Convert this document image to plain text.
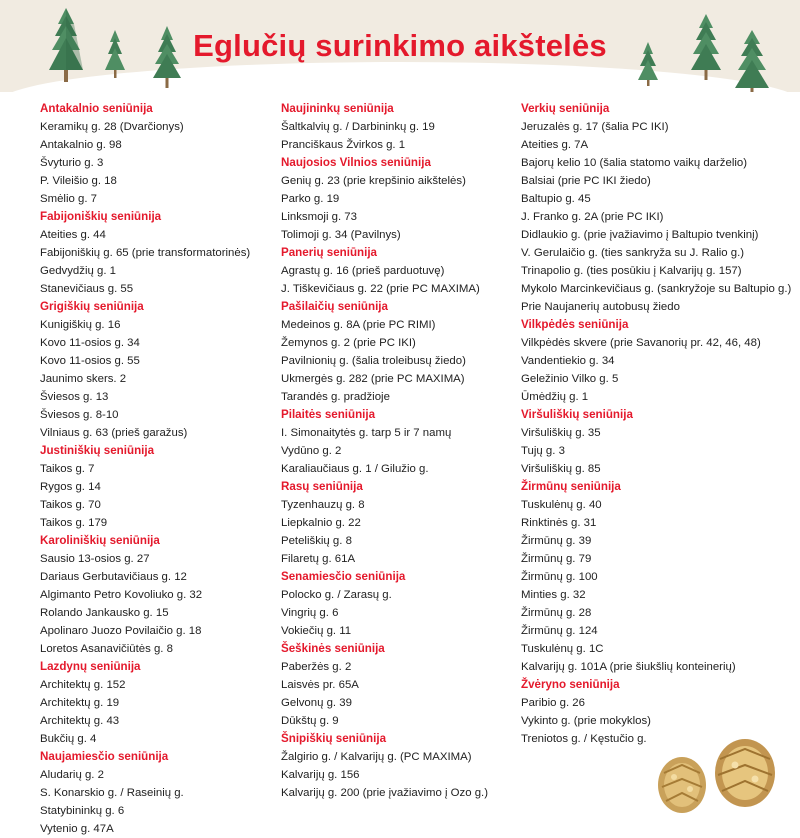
Eglučių surinkimo aikštelės
Antakalnio seniūnija
Keramikų g. 28 (Dvarčionys)
Antakalnio g. 98
Švyturio g. 3
P. Vileišio g. 18
Smėlio g. 7
Fabijoniškių seniūnija
Ateities g. 44
Fabijoniškių g. 65 (prie transformatorinės)
Gedvydžių g. 1
Stanevičiaus g. 55
Grigiškių seniūnija
Kunigiškių g. 16
Kovo 11-osios g. 34
Kovo 11-osios g. 55
Jaunimo skers. 2
Šviesos g. 13
Šviesos g. 8-10
Vilniaus g. 63 (prieš garažus)
Justiniškių seniūnija
Taikos g. 7
Rygos g. 14
Taikos g. 70
Taikos g. 179
Karoliniškių seniūnija
Sausio 13-osios g. 27
Dariaus Gerbutavičiaus g. 12
Algimanto Petro Kovoliuko g. 32
Rolando Jankausko g. 15
Apolinaro Juozo Povilaičio g. 18
Loretos Asanavičiūtės g. 8
Lazdynų seniūnija
Architektų g. 152
Architektų g. 19
Architektų g. 43
Bukčių g. 4
Naujamiesčio seniūnija
Aludarių g. 2
S. Konarskio g. / Raseinių g.
Statybininkų g. 6
Vytenio g. 47A
Naujininkų seniūnija
Šaltkalvių g. / Darbininkų g. 19
Pranciškaus Žvirkos g. 1
Naujosios Vilnios seniūnija
Genių g. 23 (prie krepšinio aikštelės)
Parko g. 19
Linksmoji g. 73
Tolimoji g. 34 (Pavilnys)
Panerių seniūnija
Agrastų g. 16 (prieš parduotuvę)
J. Tiškevičiaus g. 22 (prie PC MAXIMA)
Pašilaičių seniūnija
Medeinos g. 8A (prie PC RIMI)
Žemynos g. 2 (prie PC IKI)
Pavilnionių g. (šalia troleibusų žiedo)
Ukmergės g. 282 (prie PC MAXIMA)
Tarandės g. pradžioje
Pilaitės seniūnija
I. Simonaitytės g. tarp 5 ir 7 namų
Vydūno g. 2
Karaliaučiaus g. 1 / Gilužio g.
Rasų seniūnija
Tyzenhauzų g. 8
Liepkalnio g. 22
Peteliškių g. 8
Filaretų g. 61A
Senamiesčio seniūnija
Polocko g. / Zarasų g.
Vingrių g. 6
Vokiečių g. 11
Šeškinės seniūnija
Paberžės g. 2
Laisvės pr. 65A
Gelvonų g. 39
Dūkštų g. 9
Šnipiškių seniūnija
Žalgirio g. / Kalvarijų g. (PC MAXIMA)
Kalvarijų g. 156
Kalvarijų g. 200 (prie įvažiavimo į Ozo g.)
Verkių seniūnija
Jeruzalės g. 17 (šalia PC IKI)
Ateities g. 7A
Bajorų kelio 10 (šalia statomo vaikų darželio)
Balsiai (prie PC IKI žiedo)
Baltupio g. 45
J. Franko g. 2A (prie PC IKI)
Didlaukio g. (prie įvažiavimo į Baltupio tvenkinį)
V. Gerulaičio g. (ties sankryža su J. Ralio g.)
Trinapolio g. (ties posūkiu į Kalvarijų g. 157)
Mykolo Marcinkevičiaus g. (sankryžoje su Baltupio g.)
Prie Naujanerių autobusų žiedo
Vilkpėdės seniūnija
Vilkpėdės skvere (prie Savanorių pr. 42, 46, 48)
Vandentiekio g. 34
Geležinio Vilko g. 5
Ūmėdžių g. 1
Viršuliškių seniūnija
Viršuliškių g. 35
Tujų g. 3
Viršuliškių g. 85
Žirmūnų seniūnija
Tuskulėnų g. 40
Rinktinės g. 31
Žirmūnų g. 39
Žirmūnų g. 79
Žirmūnų g. 100
Minties g. 32
Žirmūnų g. 28
Žirmūnų g. 124
Tuskulėnų g. 1C
Kalvarijų g. 101A (prie šiukšlių konteinerių)
Žvėryno seniūnija
Paribio g. 26
Vykinto g. (prie mokyklos)
Treniotos g. / Kęstučio g.
